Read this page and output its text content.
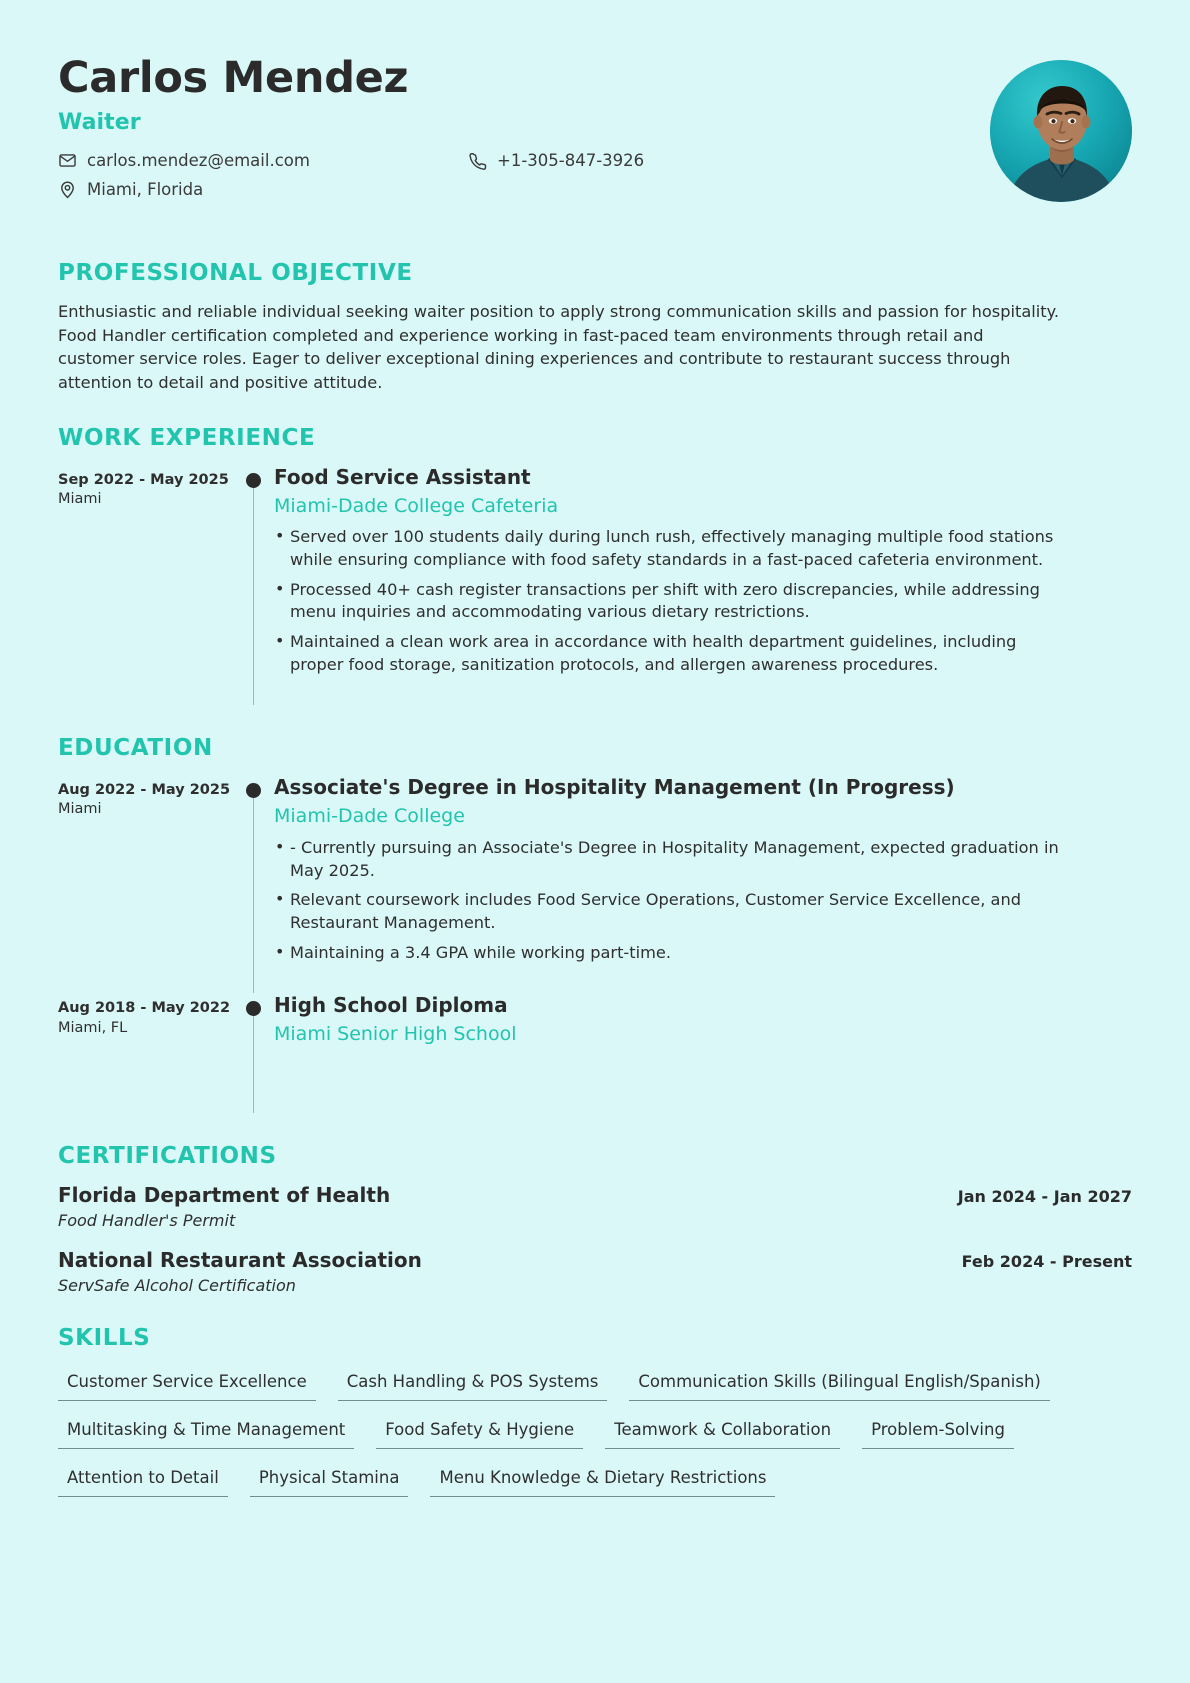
Carlos Mendez
Waiter
carlos.mendez@email.com	+1-305-847-3926
Miami, Florida
PROFESSIONAL OBJECTIVE
Enthusiastic and reliable individual seeking waiter position to apply strong communication skills and passion for hospitality. Food Handler certification completed and experience working in fast-paced team environments through retail and customer service roles. Eager to deliver exceptional dining experiences and contribute to restaurant success through attention to detail and positive attitude.
WORK EXPERIENCE
Sep 2022 - May 2025
Miami
Food Service Assistant
Miami-Dade College Cafeteria
• Served over 100 students daily during lunch rush, effectively managing multiple food stations while ensuring compliance with food safety standards in a fast-paced cafeteria environment.
• Processed 40+ cash register transactions per shift with zero discrepancies, while addressing menu inquiries and accommodating various dietary restrictions.
• Maintained a clean work area in accordance with health department guidelines, including proper food storage, sanitization protocols, and allergen awareness procedures.
EDUCATION
Aug 2022 - May 2025
Miami
Associate's Degree in Hospitality Management (In Progress)
Miami-Dade College
• - Currently pursuing an Associate's Degree in Hospitality Management, expected graduation in May 2025.
• Relevant coursework includes Food Service Operations, Customer Service Excellence, and Restaurant Management.
• Maintaining a 3.4 GPA while working part-time.
Aug 2018 - May 2022
Miami, FL
High School Diploma
Miami Senior High School
CERTIFICATIONS
Florida Department of Health	Jan 2024 - Jan 2027
Food Handler's Permit
National Restaurant Association	Feb 2024 - Present
ServSafe Alcohol Certification
SKILLS
Customer Service Excellence	Cash Handling & POS Systems	Communication Skills (Bilingual English/Spanish)
Multitasking & Time Management	Food Safety & Hygiene	Teamwork & Collaboration	Problem-Solving
Attention to Detail	Physical Stamina	Menu Knowledge & Dietary Restrictions
